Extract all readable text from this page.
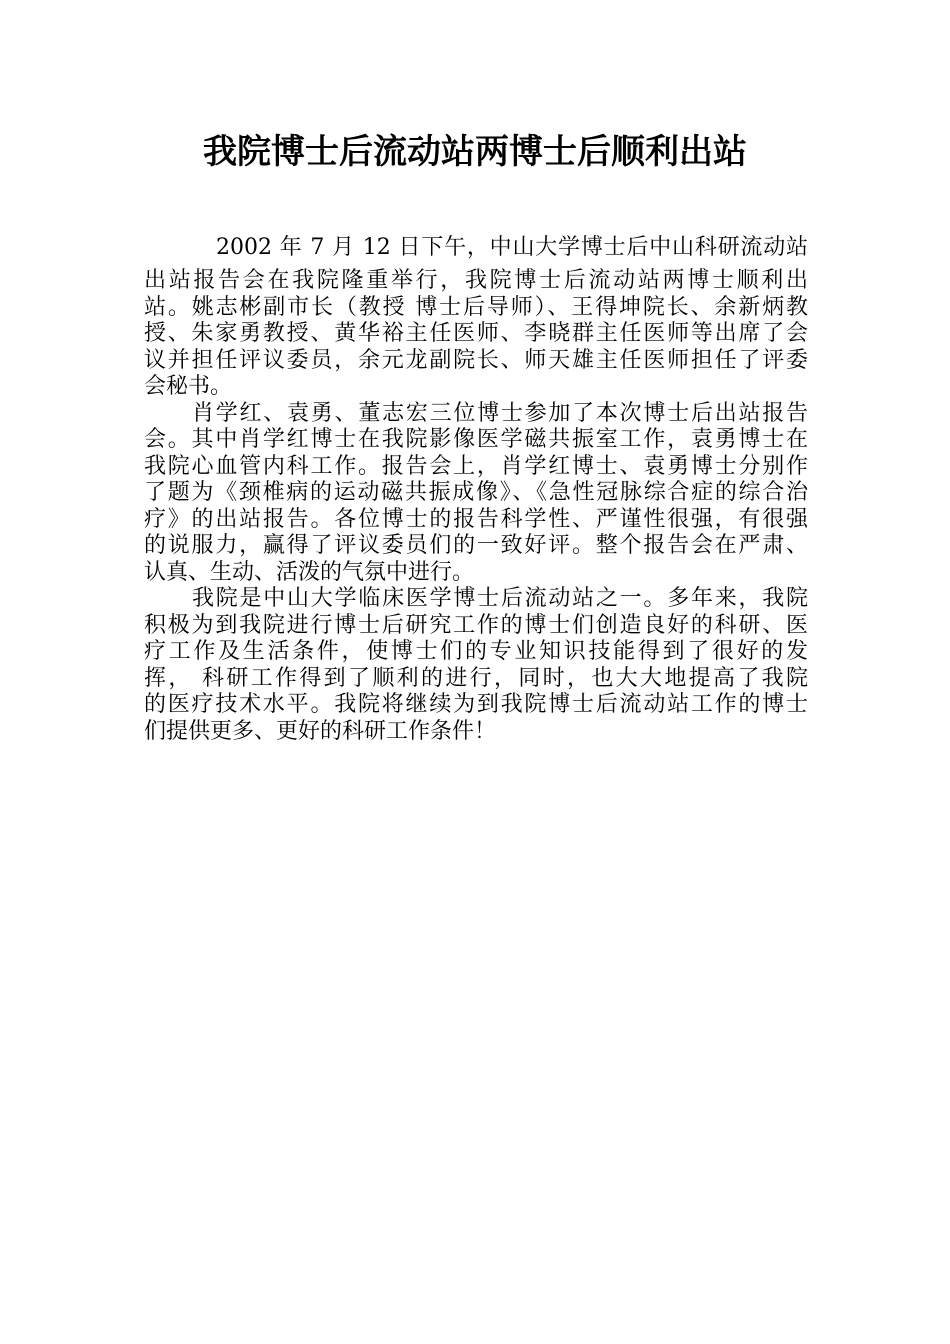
我院博士后流动站两博士后顺利出站
2002 年 7 月 12 日下午，中山大学博士后中山科研流动站
出站报告会在我院隆重举行，我院博士后流动站两博士顺利出
站。姚志彬副市长（教授 博士后导师）、王得坤院长、余新炳教
授、朱家勇教授、黄华裕主任医师、李晓群主任医师等出席了会
议并担任评议委员，余元龙副院长、师天雄主任医师担任了评委
会秘书。
肖学红、袁勇、董志宏三位博士参加了本次博士后出站报告
会。其中肖学红博士在我院影像医学磁共振室工作，袁勇博士在
我院心血管内科工作。报告会上，肖学红博士、袁勇博士分别作
了题为《颈椎病的运动磁共振成像》、《急性冠脉综合症的综合治
疗》的出站报告。各位博士的报告科学性、严谨性很强，有很强
的说服力，赢得了评议委员们的一致好评。整个报告会在严肃、
认真、生动、活泼的气氛中进行。
我院是中山大学临床医学博士后流动站之一。多年来，我院
积极为到我院进行博士后研究工作的博士们创造良好的科研、医
疗工作及生活条件，使博士们的专业知识技能得到了很好的发
挥， 科研工作得到了顺利的进行，同时，也大大地提高了我院
的医疗技术水平。我院将继续为到我院博士后流动站工作的博士
们提供更多、更好的科研工作条件！
